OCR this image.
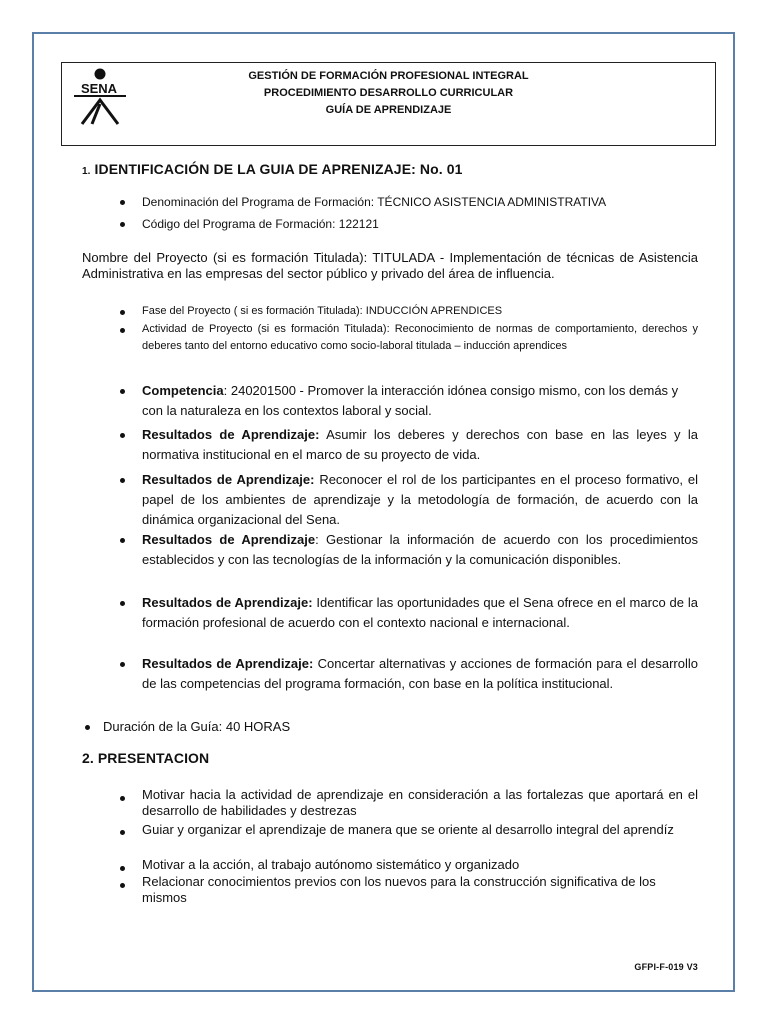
SENA
GESTIÓN DE FORMACIÓN PROFESIONAL INTEGRAL
PROCEDIMIENTO DESARROLLO CURRICULAR
GUÍA DE APRENDIZAJE
1. IDENTIFICACIÓN DE LA GUIA DE APRENIZAJE: No. 01
Denominación del Programa de Formación: TÉCNICO ASISTENCIA ADMINISTRATIVA
Código del Programa de Formación: 122121
Nombre del Proyecto (si es formación Titulada): TITULADA - Implementación de técnicas de Asistencia Administrativa en las empresas del sector público y privado del área de influencia.
Fase del Proyecto ( si es formación Titulada): INDUCCIÓN APRENDICES
Actividad de Proyecto (si es formación Titulada): Reconocimiento de normas de comportamiento, derechos y deberes tanto del entorno educativo como socio-laboral titulada – inducción aprendices
Competencia: 240201500 - Promover la interacción idónea consigo mismo, con los demás y con la naturaleza en los contextos laboral y social.
Resultados de Aprendizaje: Asumir los deberes y derechos con base en las leyes y la normativa institucional en el marco de su proyecto de vida.
Resultados de Aprendizaje: Reconocer el rol de los participantes en el proceso formativo, el papel de los ambientes de aprendizaje y la metodología de formación, de acuerdo con la dinámica organizacional del Sena.
Resultados de Aprendizaje: Gestionar la información de acuerdo con los procedimientos establecidos y con las tecnologías de la información y la comunicación disponibles.
Resultados de Aprendizaje: Identificar las oportunidades que el Sena ofrece en el marco de la formación profesional de acuerdo con el contexto nacional e internacional.
Resultados de Aprendizaje: Concertar alternativas y acciones de formación para el desarrollo de las competencias del programa formación, con base en la política institucional.
Duración de la Guía: 40 HORAS
2. PRESENTACION
Motivar hacia la actividad de aprendizaje en consideración a las fortalezas que aportará en el desarrollo de habilidades y destrezas
Guiar y organizar el aprendizaje de manera que se oriente al desarrollo integral del aprendíz
Motivar a la acción, al trabajo autónomo sistemático y organizado
Relacionar conocimientos previos con los nuevos para la construcción significativa de los mismos
GFPI-F-019 V3
